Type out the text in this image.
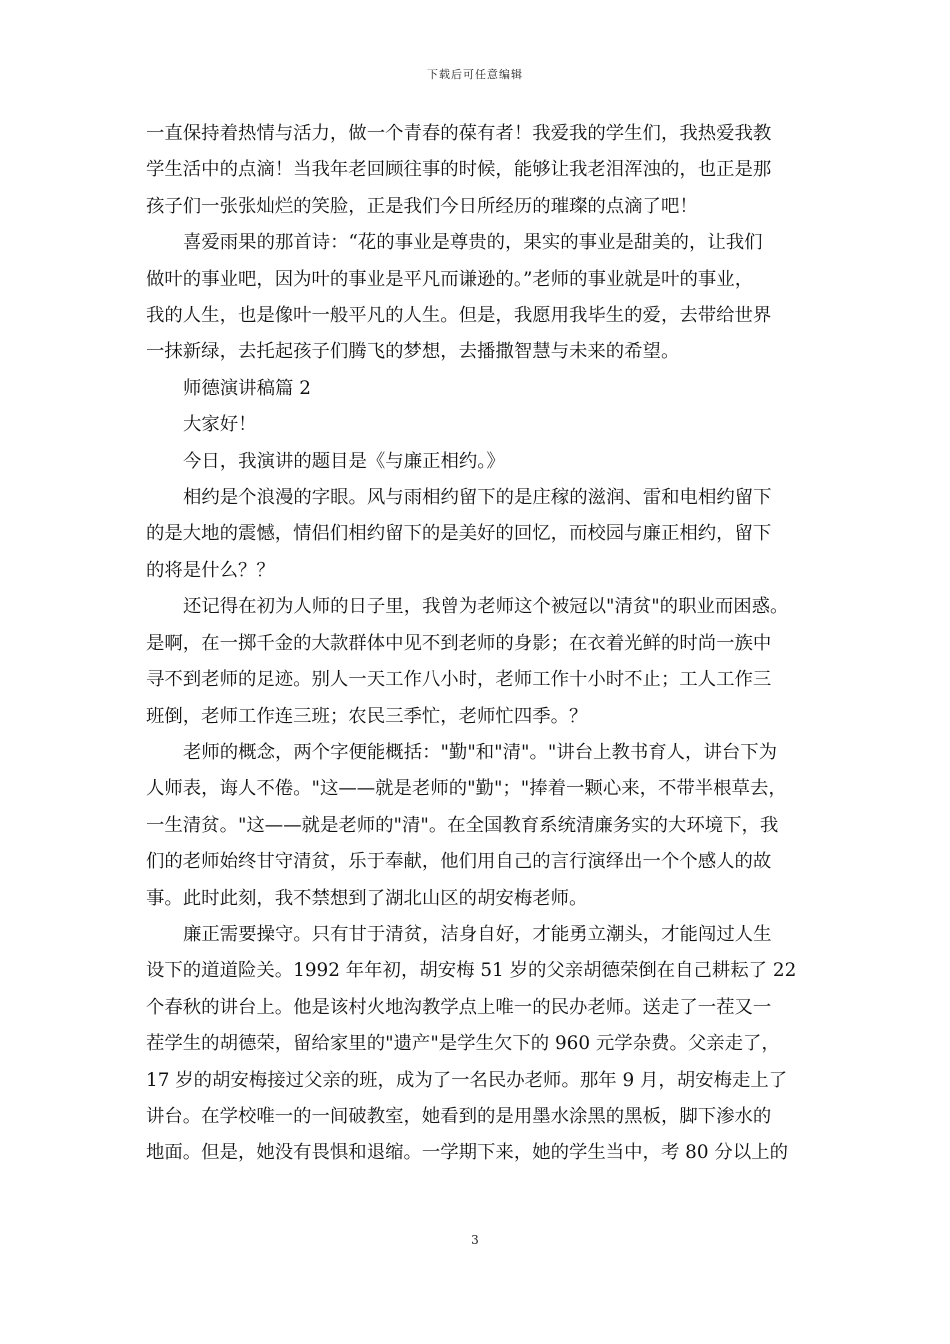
下载后可任意编辑

一直保持着热情与活力，做一个青春的葆有者！我爱我的学生们，我热爱我教
学生活中的点滴！当我年老回顾往事的时候，能够让我老泪浑浊的，也正是那
孩子们一张张灿烂的笑脸，正是我们今日所经历的璀璨的点滴了吧！

喜爱雨果的那首诗：“花的事业是尊贵的，果实的事业是甜美的，让我们
做叶的事业吧，因为叶的事业是平凡而谦逊的。”老师的事业就是叶的事业，
我的人生，也是像叶一般平凡的人生。但是，我愿用我毕生的爱，去带给世界
一抹新绿，去托起孩子们腾飞的梦想，去播撒智慧与未来的希望。

师德演讲稿篇 2

大家好！

今日，我演讲的题目是《与廉正相约。》

相约是个浪漫的字眼。风与雨相约留下的是庄稼的滋润、雷和电相约留下
的是大地的震憾，情侣们相约留下的是美好的回忆，而校园与廉正相约，留下
的将是什么？？

还记得在初为人师的日子里，我曾为老师这个被冠以"清贫"的职业而困惑。
是啊，在一掷千金的大款群体中见不到老师的身影；在衣着光鲜的时尚一族中
寻不到老师的足迹。别人一天工作八小时，老师工作十小时不止；工人工作三
班倒，老师工作连三班；农民三季忙，老师忙四季。？

老师的概念，两个字便能概括："勤"和"清"。"讲台上教书育人，讲台下为
人师表，诲人不倦。"这——就是老师的"勤"；"捧着一颗心来，不带半根草去，
一生清贫。"这——就是老师的"清"。在全国教育系统清廉务实的大环境下，我
们的老师始终甘守清贫，乐于奉献，他们用自己的言行演绎出一个个感人的故
事。此时此刻，我不禁想到了湖北山区的胡安梅老师。

廉正需要操守。只有甘于清贫，洁身自好，才能勇立潮头，才能闯过人生
设下的道道险关。1992 年年初，胡安梅 51 岁的父亲胡德荣倒在自己耕耘了 22
个春秋的讲台上。他是该村火地沟教学点上唯一的民办老师。送走了一茬又一
茬学生的胡德荣，留给家里的"遗产"是学生欠下的 960 元学杂费。父亲走了，
17 岁的胡安梅接过父亲的班，成为了一名民办老师。那年 9 月，胡安梅走上了
讲台。在学校唯一的一间破教室，她看到的是用墨水涂黑的黑板，脚下渗水的
地面。但是，她没有畏惧和退缩。一学期下来，她的学生当中，考 80 分以上的

3
